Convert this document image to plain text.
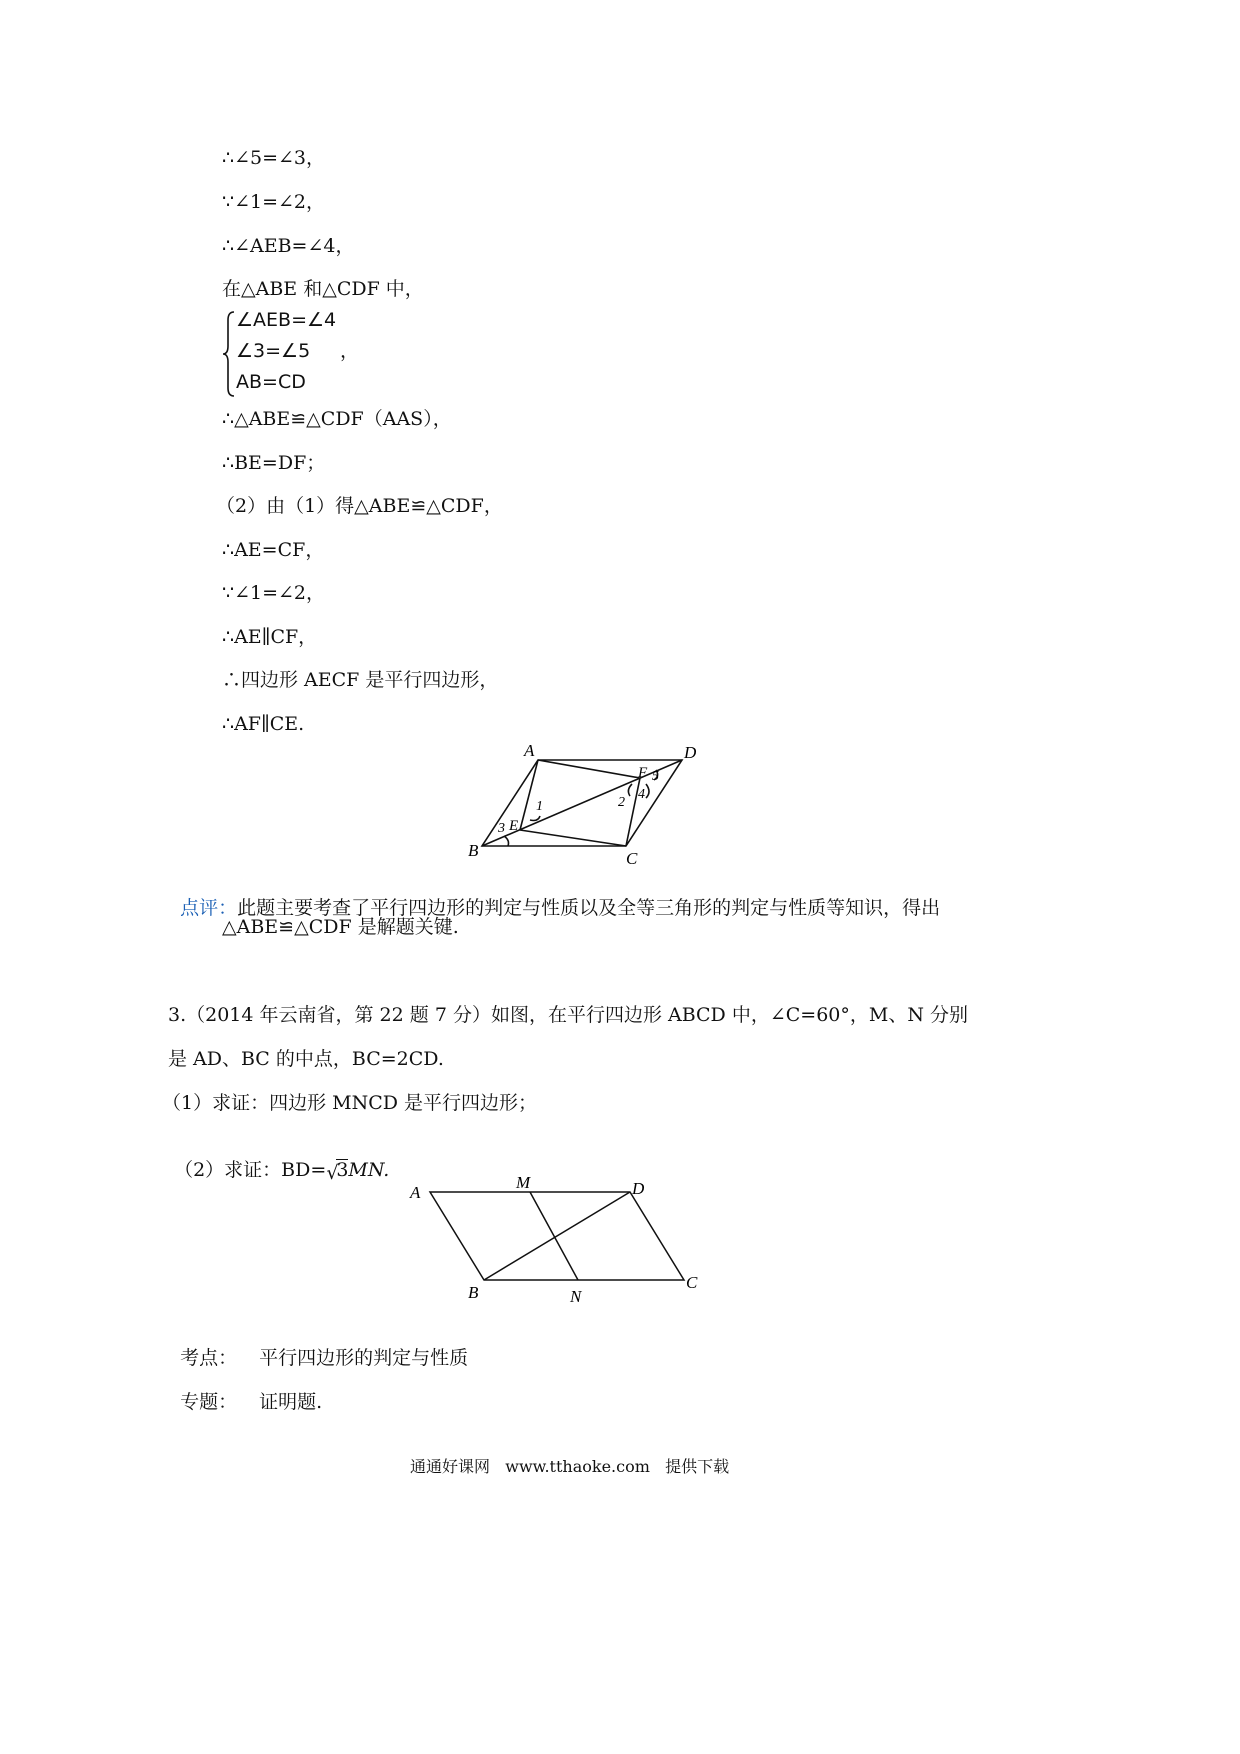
∴∠5=∠3，
∵∠1=∠2，
∴∠AEB=∠4，
在△ABE 和△CDF 中，
∠AEB=∠4
∠3=∠5
AB=CD
，
∴△ABE≌△CDF（AAS），
∴BE=DF；
（2）由（1）得△ABE≌△CDF，
∴AE=CF，
∵∠1=∠2，
∴AE∥CF，
∴四边形 AECF 是平行四边形，
∴AF∥CE.
A	D
C
B
E
F
1	2
3
4
5

点评：此题主要考查了平行四边形的判定与性质以及全等三角形的判定与性质等知识，得出

△ABE≌△CDF 是解题关键.
3.（2014 年云南省，第 22 题 7 分）如图，在平行四边形 ABCD 中，∠C=60°，M、N 分别
是 AD、BC 的中点，BC=2CD.
（1）求证：四边形 MNCD 是平行四边形；

（2）求证：BD= √
3MN.

A
M	D
B	N
C

考点： 平行四边形的判定与性质

专题： 证明题.

通通好课网   www.tthaoke.com   提供下载
